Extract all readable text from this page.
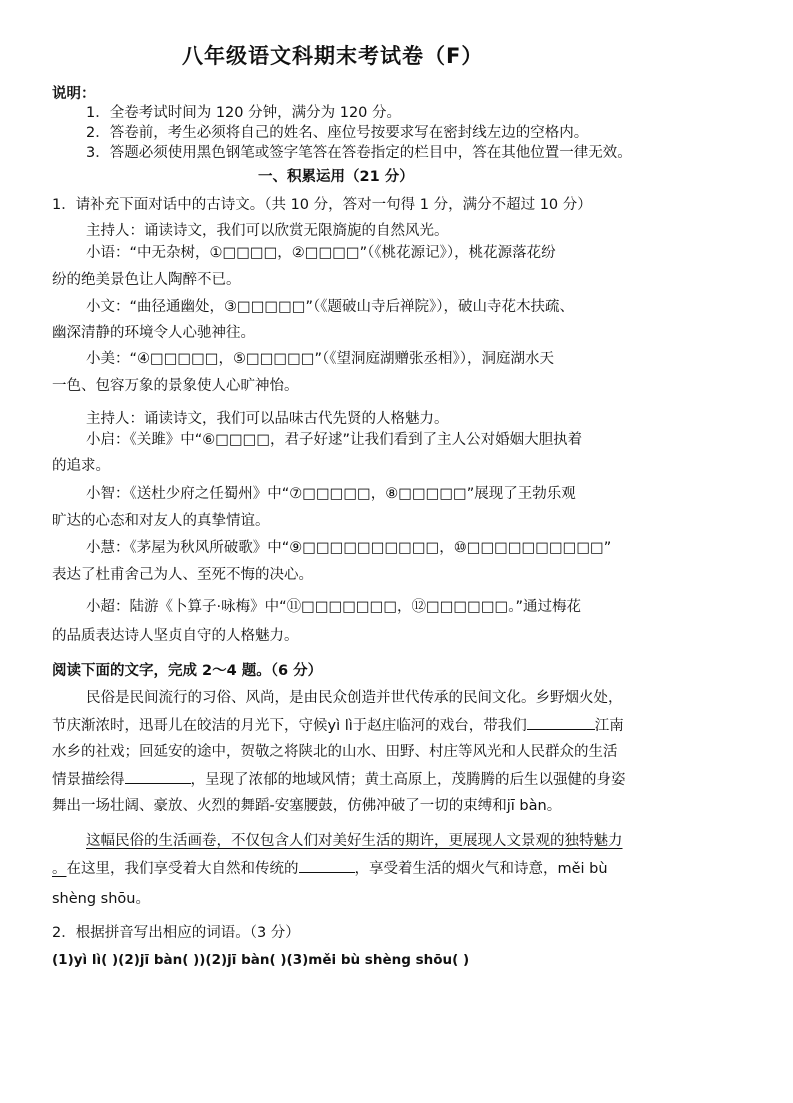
八年级语文科期末考试卷（F）
说明：
1．全卷考试时间为 120 分钟，满分为 120 分。
2．答卷前，考生必须将自己的姓名、座位号按要求写在密封线左边的空格内。
3．答题必须使用黑色钢笔或签字笔答在答卷指定的栏目中，答在其他位置一律无效。
一、积累运用（21 分）
1．请补充下面对话中的古诗文。（共 10 分，答对一句得 1 分，满分不超过 10 分）
主持人：诵读诗文，我们可以欣赏无限旖旎的自然风光。
小语：“中无杂树，①□□□□，②□□□□”（《桃花源记》），桃花源落花纷
纷的绝美景色让人陶醉不已。
小文：“曲径通幽处，③□□□□□”（《题破山寺后禅院》），破山寺花木扶疏、
幽深清静的环境令人心驰神往。
小美：“④□□□□□，⑤□□□□□”（《望洞庭湖赠张丞相》），洞庭湖水天
一色、包容万象的景象使人心旷神怡。
主持人：诵读诗文，我们可以品味古代先贤的人格魅力。
小启：《关雎》中“⑥□□□□，君子好逑”让我们看到了主人公对婚姻大胆执着
的追求。
小智：《送杜少府之任蜀州》中“⑦□□□□□，⑧□□□□□”展现了王勃乐观
旷达的心态和对友人的真挚情谊。
小慧：《茅屋为秋风所破歌》中“⑨□□□□□□□□□□，⑩□□□□□□□□□□”
表达了杜甫舍己为人、至死不悔的决心。
小超：陆游《卜算子·咏梅》中“⑪□□□□□□□，⑫□□□□□□。”通过梅花
的品质表达诗人坚贞自守的人格魅力。
阅读下面的文字，完成 2～4 题。（6 分）
民俗是民间流行的习俗、风尚，是由民众创造并世代传承的民间文化。乡野烟火处，
节庆渐浓时，迅哥儿在皎洁的月光下，守候yì lì于赵庄临河的戏台，带我们	江南
水乡的社戏；回延安的途中，贺敬之将陕北的山水、田野、村庄等风光和人民群众的生活
情景描绘得	，呈现了浓郁的地域风情；黄土高原上，茂腾腾的后生以强健的身姿
舞出一场壮阔、豪放、火烈的舞蹈-安塞腰鼓，仿佛冲破了一切的束缚和jī bàn。
这幅民俗的生活画卷，不仅包含人们对美好生活的期许，更展现人文景观的独特魅力
。在这里，我们享受着大自然和传统的	，享受着生活的烟火气和诗意，měi bù
shèng shōu。
2．根据拼音写出相应的词语。（3 分）
(1)yì lì( )(2)jī bàn( ))(2)jī bàn( )(3)měi bù shèng shōu( )
